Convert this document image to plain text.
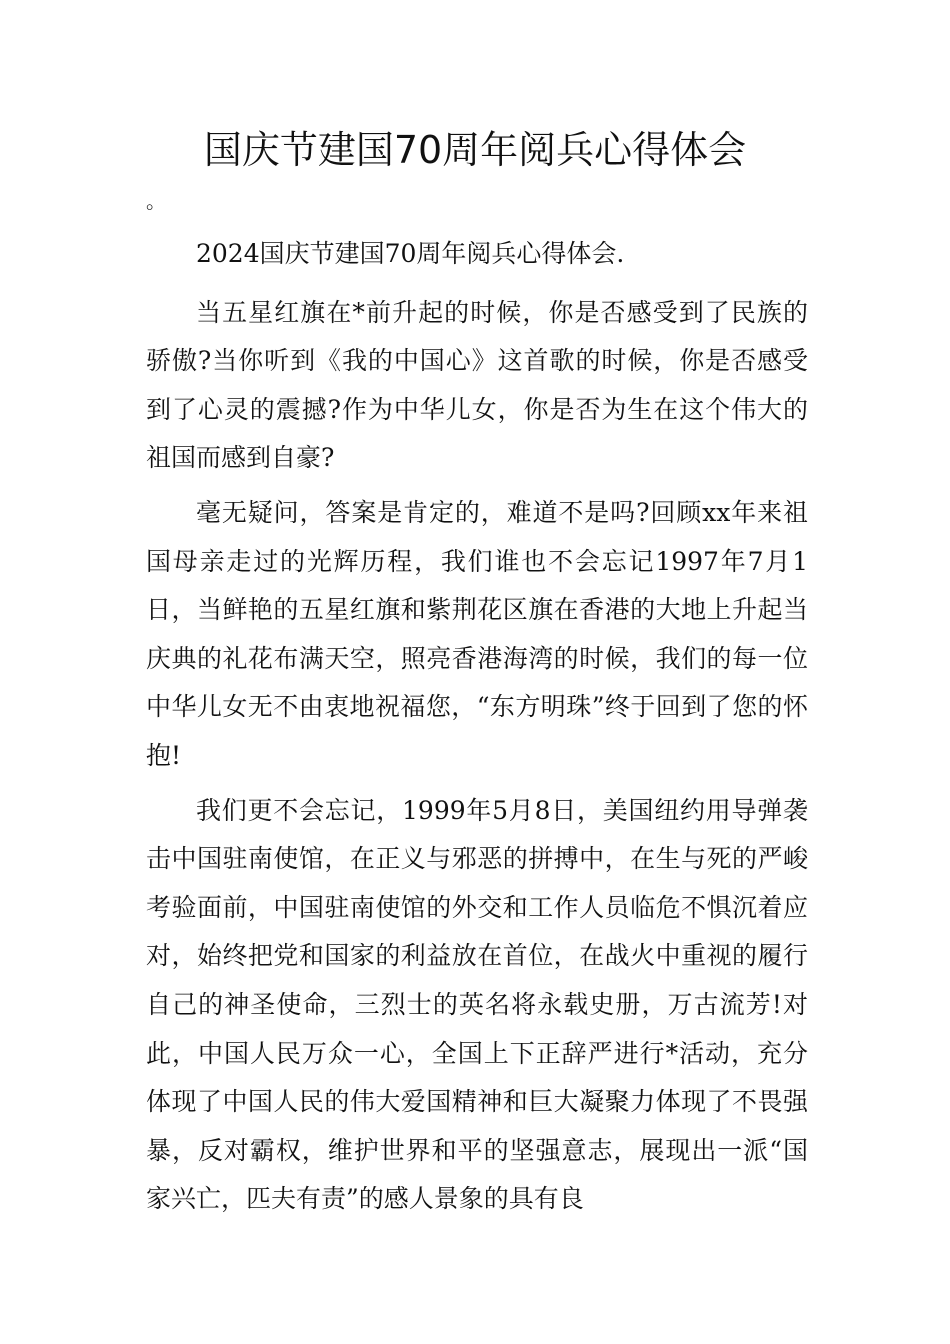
国庆节建国70周年阅兵心得体会
。

2024国庆节建国70周年阅兵心得体会.

当五星红旗在*前升起的时候，你是否感受到了民族的骄傲?当你听到《我的中国心》这首歌的时候，你是否感受到了心灵的震撼?作为中华儿女，你是否为生在这个伟大的祖国而感到自豪?

毫无疑问，答案是肯定的，难道不是吗?回顾xx年来祖国母亲走过的光辉历程，我们谁也不会忘记1997年7月1日，当鲜艳的五星红旗和紫荆花区旗在香港的大地上升起当庆典的礼花布满天空，照亮香港海湾的时候，我们的每一位中华儿女无不由衷地祝福您，“东方明珠”终于回到了您的怀抱!

我们更不会忘记，1999年5月8日，美国纽约用导弹袭击中国驻南使馆，在正义与邪恶的拼搏中，在生与死的严峻考验面前，中国驻南使馆的外交和工作人员临危不惧沉着应对，始终把党和国家的利益放在首位，在战火中重视的履行自己的神圣使命，三烈士的英名将永载史册，万古流芳!对此，中国人民万众一心，全国上下正辞严进行*活动，充分体现了中国人民的伟大爱国精神和巨大凝聚力体现了不畏强暴，反对霸权，维护世界和平的坚强意志，展现出一派“国家兴亡，匹夫有责”的感人景象的具有良
